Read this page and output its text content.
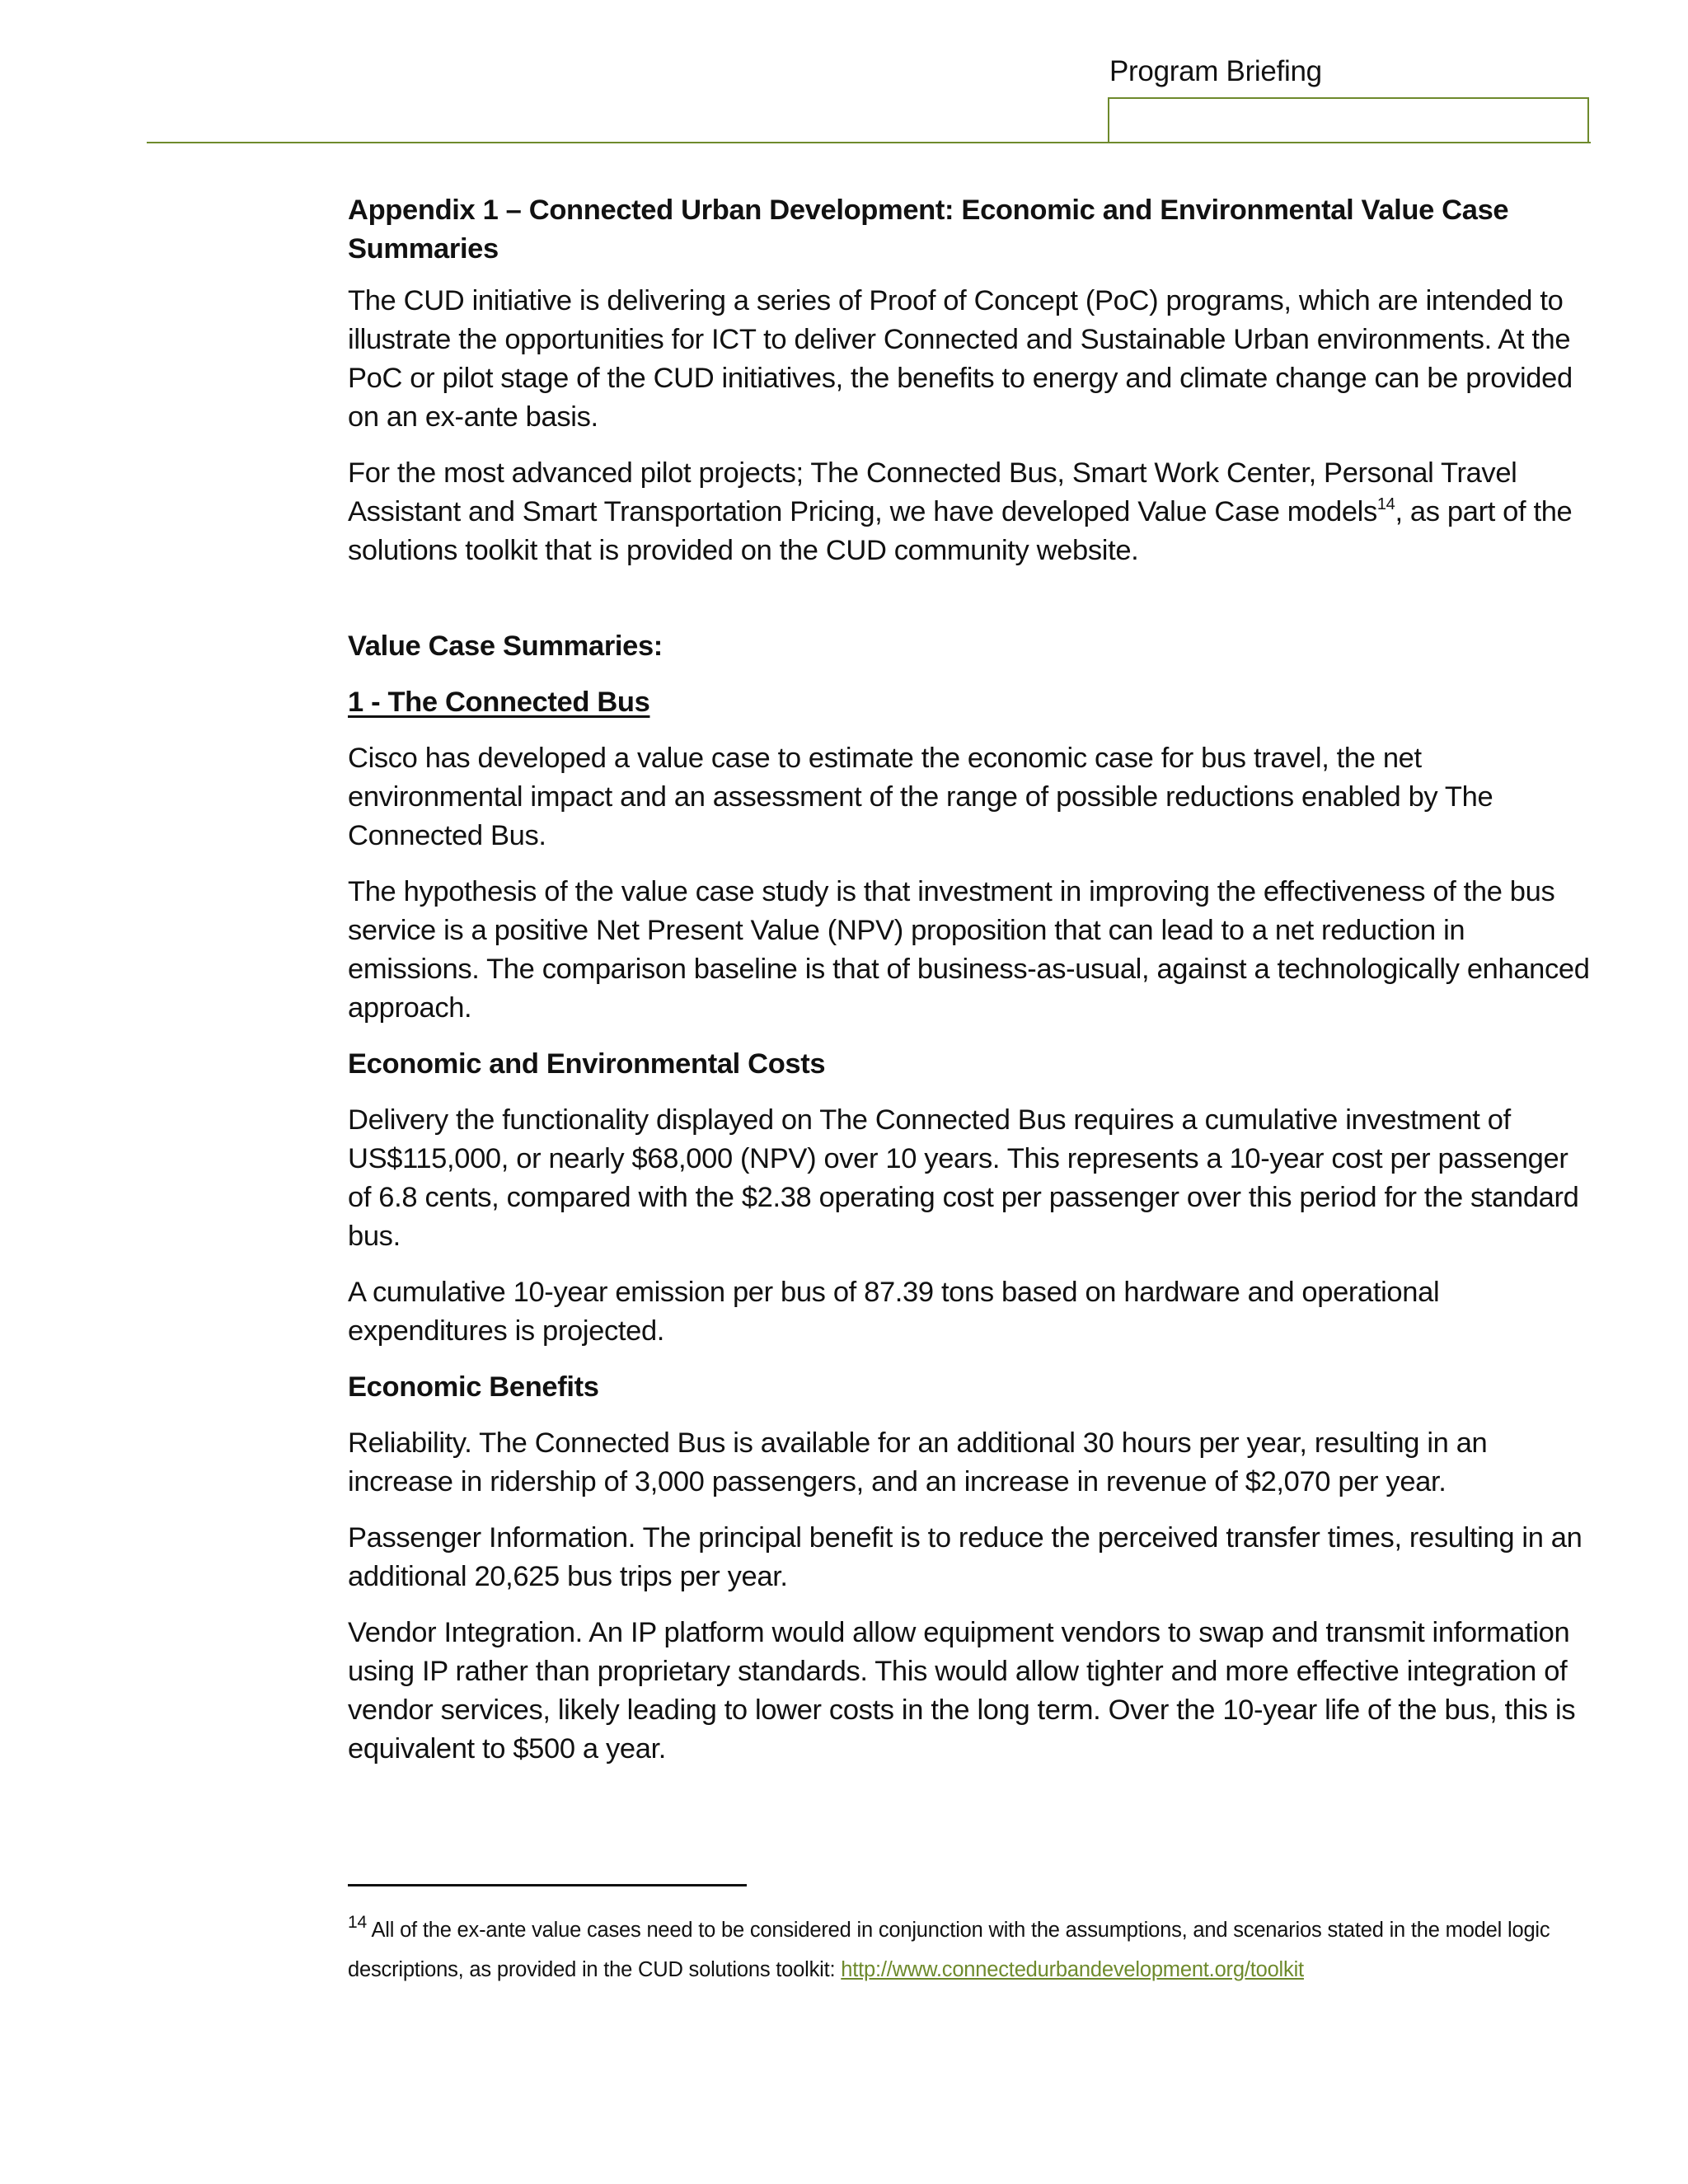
Program Briefing
Appendix 1 – Connected Urban Development: Economic and Environmental Value Case Summaries

The CUD initiative is delivering a series of Proof of Concept (PoC) programs, which are intended to illustrate the opportunities for ICT to deliver Connected and Sustainable Urban environments. At the PoC or pilot stage of the CUD initiatives, the benefits to energy and climate change can be provided on an ex-ante basis.

For the most advanced pilot projects; The Connected Bus, Smart Work Center, Personal Travel Assistant and Smart Transportation Pricing, we have developed Value Case models$^{14}$, as part of the solutions toolkit that is provided on the CUD community website.

Value Case Summaries:
1 - The Connected Bus

Cisco has developed a value case to estimate the economic case for bus travel, the net environmental impact and an assessment of the range of possible reductions enabled by The Connected Bus.

The hypothesis of the value case study is that investment in improving the effectiveness of the bus service is a positive Net Present Value (NPV) proposition that can lead to a net reduction in emissions. The comparison baseline is that of business-as-usual, against a technologically enhanced approach.

Economic and Environmental Costs

Delivery the functionality displayed on The Connected Bus requires a cumulative investment of US$115,000, or nearly $68,000 (NPV) over 10 years. This represents a 10-year cost per passenger of 6.8 cents, compared with the $2.38 operating cost per passenger over this period for the standard bus.

A cumulative 10-year emission per bus of 87.39 tons based on hardware and operational expenditures is projected.

Economic Benefits

Reliability. The Connected Bus is available for an additional 30 hours per year, resulting in an increase in ridership of 3,000 passengers, and an increase in revenue of $2,070 per year.

Passenger Information. The principal benefit is to reduce the perceived transfer times, resulting in an additional 20,625 bus trips per year.

Vendor Integration. An IP platform would allow equipment vendors to swap and transmit information using IP rather than proprietary standards. This would allow tighter and more effective integration of vendor services, likely leading to lower costs in the long term. Over the 10-year life of the bus, this is equivalent to $500 a year.

$^{14}$ All of the ex-ante value cases need to be considered in conjunction with the assumptions, and scenarios stated in the model logic descriptions, as provided in the CUD solutions toolkit: http://www.connectedurbandevelopment.org/toolkit
